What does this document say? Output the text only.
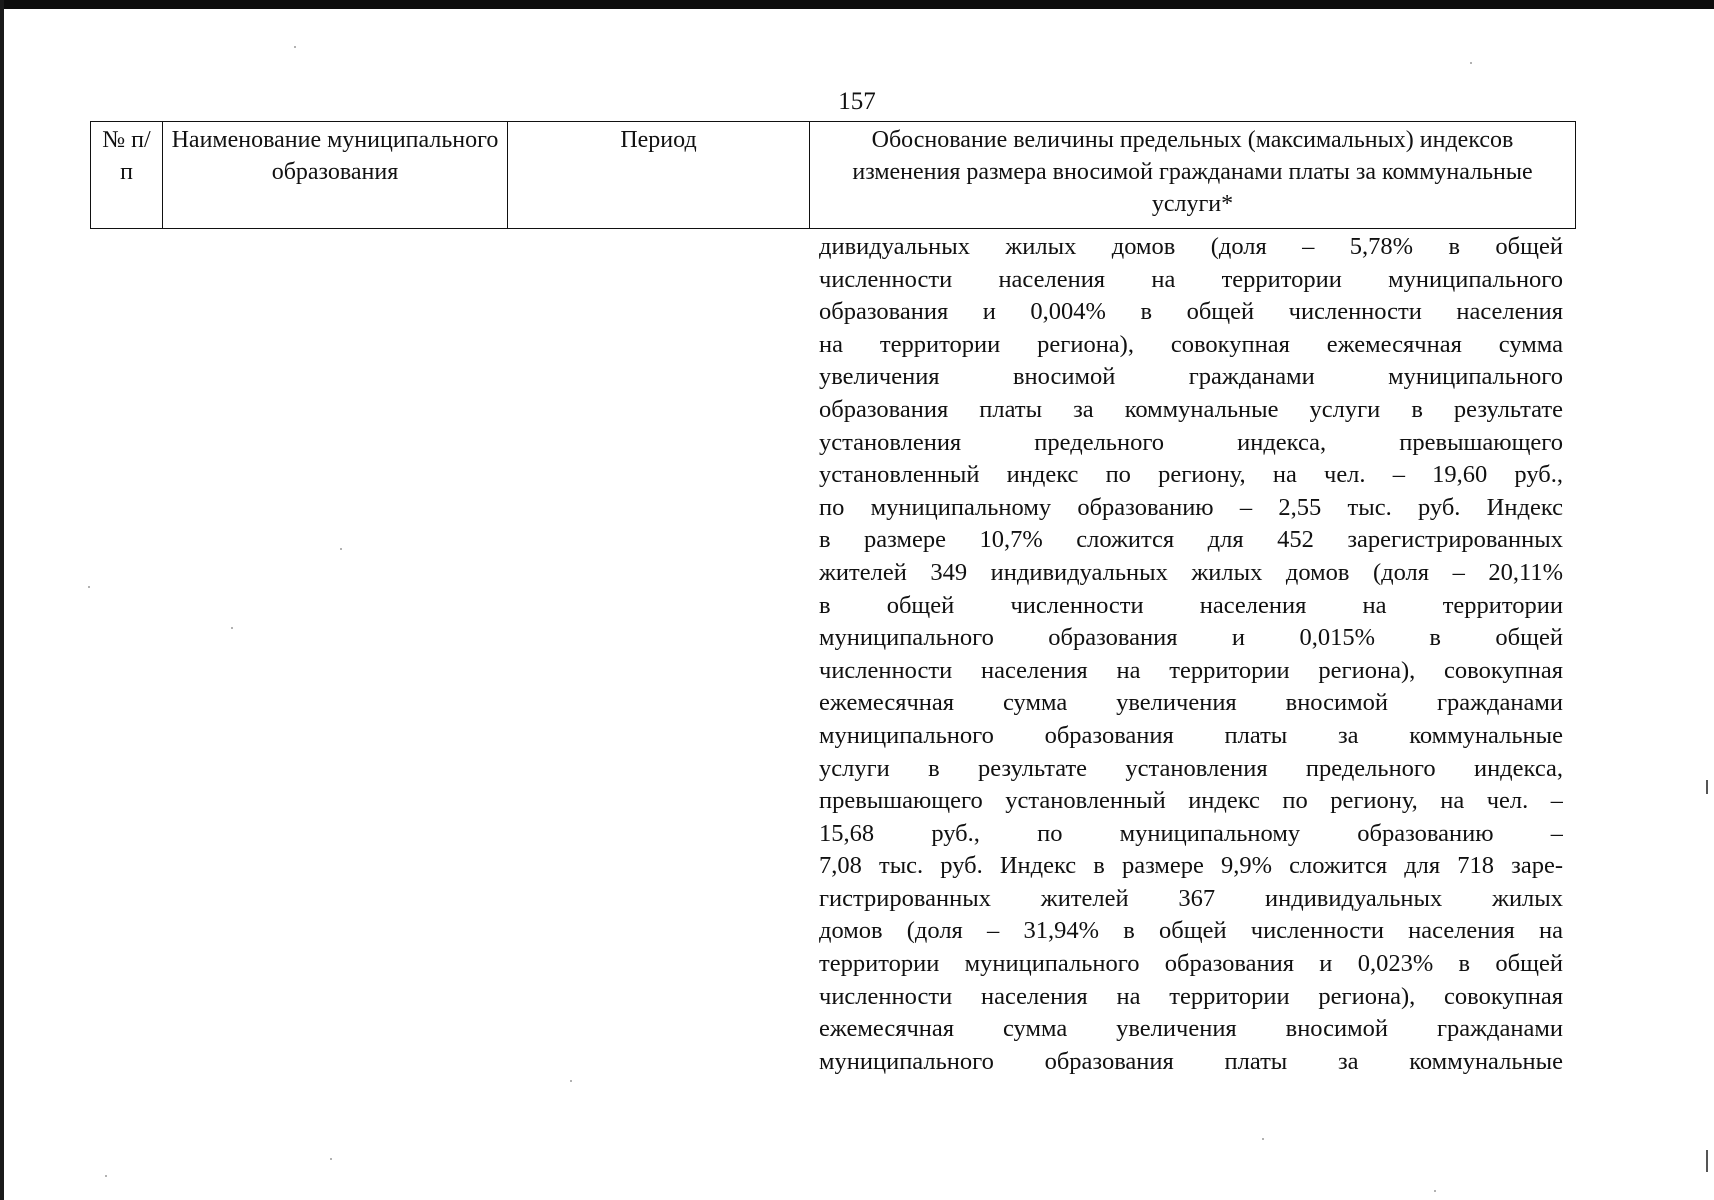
157
№ п/п	Наименование муниципального образования	Период	Обоснование величины предельных (максимальных) индексов изменения размера вносимой гражданами платы за коммунальные услуги*
дивидуальных жилых домов (доля – 5,78% в общей
численности населения на территории муниципального
образования и 0,004% в общей численности населения
на территории региона), совокупная ежемесячная сумма
увеличения вносимой гражданами муниципального
образования платы за коммунальные услуги в результате
установления предельного индекса, превышающего
установленный индекс по региону, на чел. – 19,60 руб.,
по муниципальному образованию – 2,55 тыс. руб. Индекс
в размере 10,7% сложится для 452 зарегистрированных
жителей 349 индивидуальных жилых домов (доля – 20,11%
в общей численности населения на территории
муниципального образования и 0,015% в общей
численности населения на территории региона), совокупная
ежемесячная сумма увеличения вносимой гражданами
муниципального образования платы за коммунальные
услуги в результате установления предельного индекса,
превышающего установленный индекс по региону, на чел. –
15,68 руб., по муниципальному образованию –
7,08 тыс. руб. Индекс в размере 9,9% сложится для 718 заре-
гистрированных жителей 367 индивидуальных жилых
домов (доля – 31,94% в общей численности населения на
территории муниципального образования и 0,023% в общей
численности населения на территории региона), совокупная
ежемесячная сумма увеличения вносимой гражданами
муниципального образования платы за коммунальные
